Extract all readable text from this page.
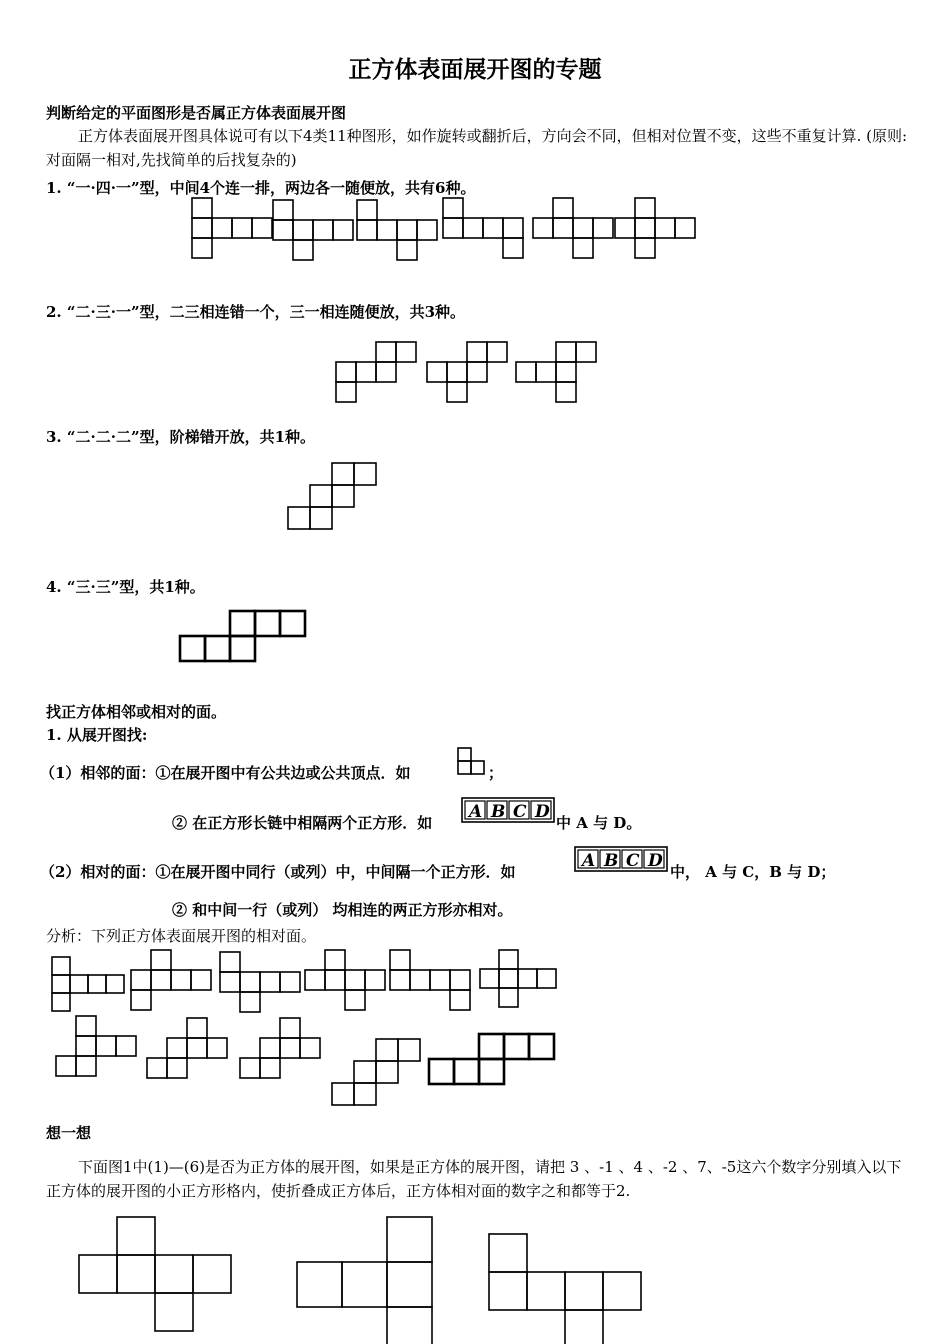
正方体表面展开图的专题
判断给定的平面图形是否属正方体表面展开图
正方体表面展开图具体说可有以下4类11种图形，如作旋转或翻折后，方向会不同，但相对位置不变，这些不重复计算. (原则:对面隔一相对,先找简单的后找复杂的)
1. “一·四·一”型，中间4个连一排，两边各一随便放，共有6种。
2. “二·三·一”型，二三相连错一个，三一相连随便放，共3种。
3. “二·二·二”型，阶梯错开放，共1种。
4. “三·三”型，共1种。
找正方体相邻或相对的面。
1. 从展开图找:
（1）相邻的面：①在展开图中有公共边或公共顶点．如	；
② 在正方形长链中相隔两个正方形．如	中 A 与 D。
（2）相对的面：①在展开图中同行（或列）中，中间隔一个正方形．如	中， A 与 C，B 与 D；
② 和中间一行（或列） 均相连的两正方形亦相对。
分析：下列正方体表面展开图的相对面。
想一想
下面图1中(1)—(6)是否为正方体的展开图，如果是正方体的展开图，请把 3 、-1 、4 、-2 、7、-5这六个数字分别填入以下正方体的展开图的小正方形格内，使折叠成正方体后，正方体相对面的数字之和都等于2.
A B C D
A B C D
